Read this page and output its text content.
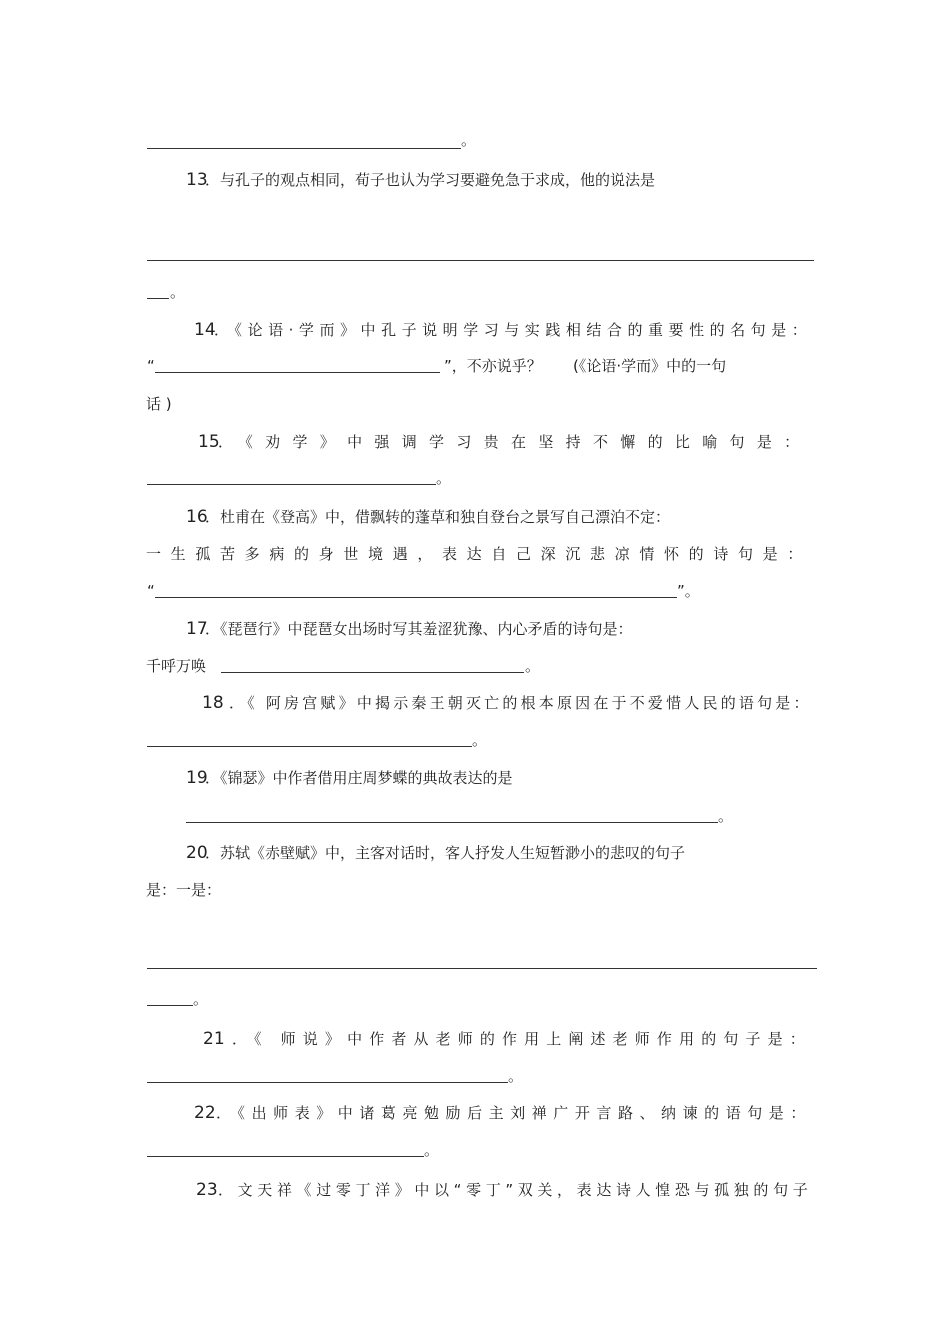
。
13
．与孔子的观点相同，荀子也认为学习要避免急于求成，他的说法是
。
14
．《论语·学而》中孔子说明学习与实践相结合的重要性的名句是：
“	”，不亦说乎？ (《论语·学而》中的一句
话 )
15
．《劝学》中强调学习贵在坚持不懈的比喻句是：
。
16
．杜甫在《登高》中，借飘转的蓬草和独自登台之景写自己漂泊不定：
一生孤苦多病的身世境遇，表达自己深沉悲凉情怀的诗句是：
“	”。
17
．《琵琶行》中琵琶女出场时写其羞涩犹豫、内心矛盾的诗句是：
千呼万唤	。
18 ．《 阿房宫赋》中揭示秦王朝灭亡的根本原因在于不爱惜人民的语句是：
。
19
．《锦瑟》中作者借用庄周梦蝶的典故表达的是
。
20
．苏轼《赤壁赋》中，主客对话时，客人抒发人生短暂渺小的悲叹的句子
是：一是：
。
21 ．《 师说》中作者从老师的作用上阐述老师作用的句子是：
。
22 ．《出师表》中诸葛亮勉励后主刘禅广开言路、纳谏的语句是：
。
23 ．文天祥《过零丁洋》中以“零丁”双关，表达诗人惶恐与孤独的句子
